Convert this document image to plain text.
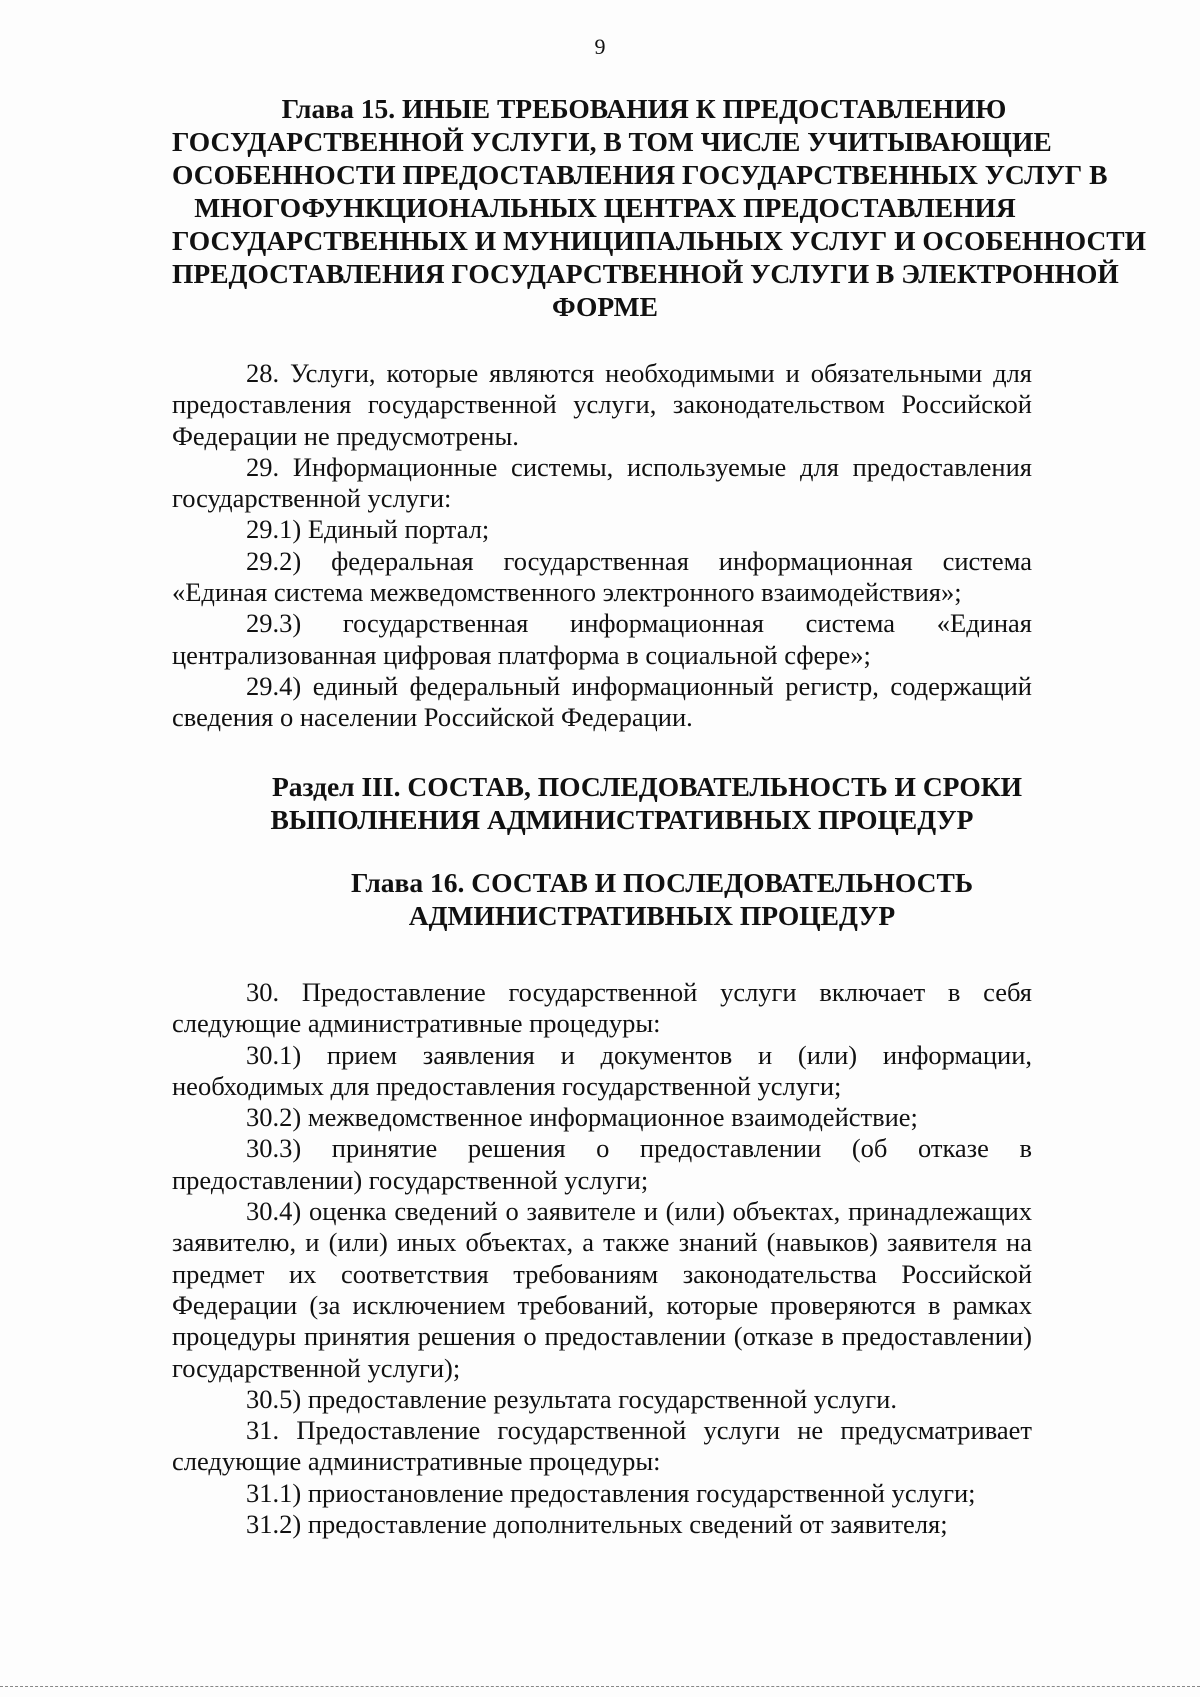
9
Глава 15. ИНЫЕ ТРЕБОВАНИЯ К ПРЕДОСТАВЛЕНИЮ
ГОСУДАРСТВЕННОЙ УСЛУГИ, В ТОМ ЧИСЛЕ УЧИТЫВАЮЩИЕ
ОСОБЕННОСТИ ПРЕДОСТАВЛЕНИЯ ГОСУДАРСТВЕННЫХ УСЛУГ В
МНОГОФУНКЦИОНАЛЬНЫХ ЦЕНТРАХ ПРЕДОСТАВЛЕНИЯ
ГОСУДАРСТВЕННЫХ И МУНИЦИПАЛЬНЫХ УСЛУГ И ОСОБЕННОСТИ
ПРЕДОСТАВЛЕНИЯ ГОСУДАРСТВЕННОЙ УСЛУГИ В ЭЛЕКТРОННОЙ
ФОРМЕ

28. Услуги, которые являются необходимыми и обязательными для предоставления государственной услуги, законодательством Российской Федерации не предусмотрены.

29. Информационные системы, используемые для предоставления государственной услуги:

29.1) Единый портал;

29.2) федеральная государственная информационная система «Единая система межведомственного электронного взаимодействия»;

29.3) государственная информационная система «Единая централизованная цифровая платформа в социальной сфере»;

29.4) единый федеральный информационный регистр, содержащий сведения о населении Российской Федерации.

Раздел III. СОСТАВ, ПОСЛЕДОВАТЕЛЬНОСТЬ И СРОКИ
ВЫПОЛНЕНИЯ АДМИНИСТРАТИВНЫХ ПРОЦЕДУР
Глава 16. СОСТАВ И ПОСЛЕДОВАТЕЛЬНОСТЬ
АДМИНИСТРАТИВНЫХ ПРОЦЕДУР

30. Предоставление государственной услуги включает в себя следующие административные процедуры:

30.1) прием заявления и документов и (или) информации, необходимых для предоставления государственной услуги;

30.2) межведомственное информационное взаимодействие;

30.3) принятие решения о предоставлении (об отказе в предоставлении) государственной услуги;

30.4) оценка сведений о заявителе и (или) объектах, принадлежащих заявителю, и (или) иных объектах, а также знаний (навыков) заявителя на предмет их соответствия требованиям законодательства Российской Федерации (за исключением требований, которые проверяются в рамках процедуры принятия решения о предоставлении (отказе в предоставлении) государственной услуги);

30.5) предоставление результата государственной услуги.

31. Предоставление государственной услуги не предусматривает следующие административные процедуры:

31.1) приостановление предоставления государственной услуги;

31.2) предоставление дополнительных сведений от заявителя;
